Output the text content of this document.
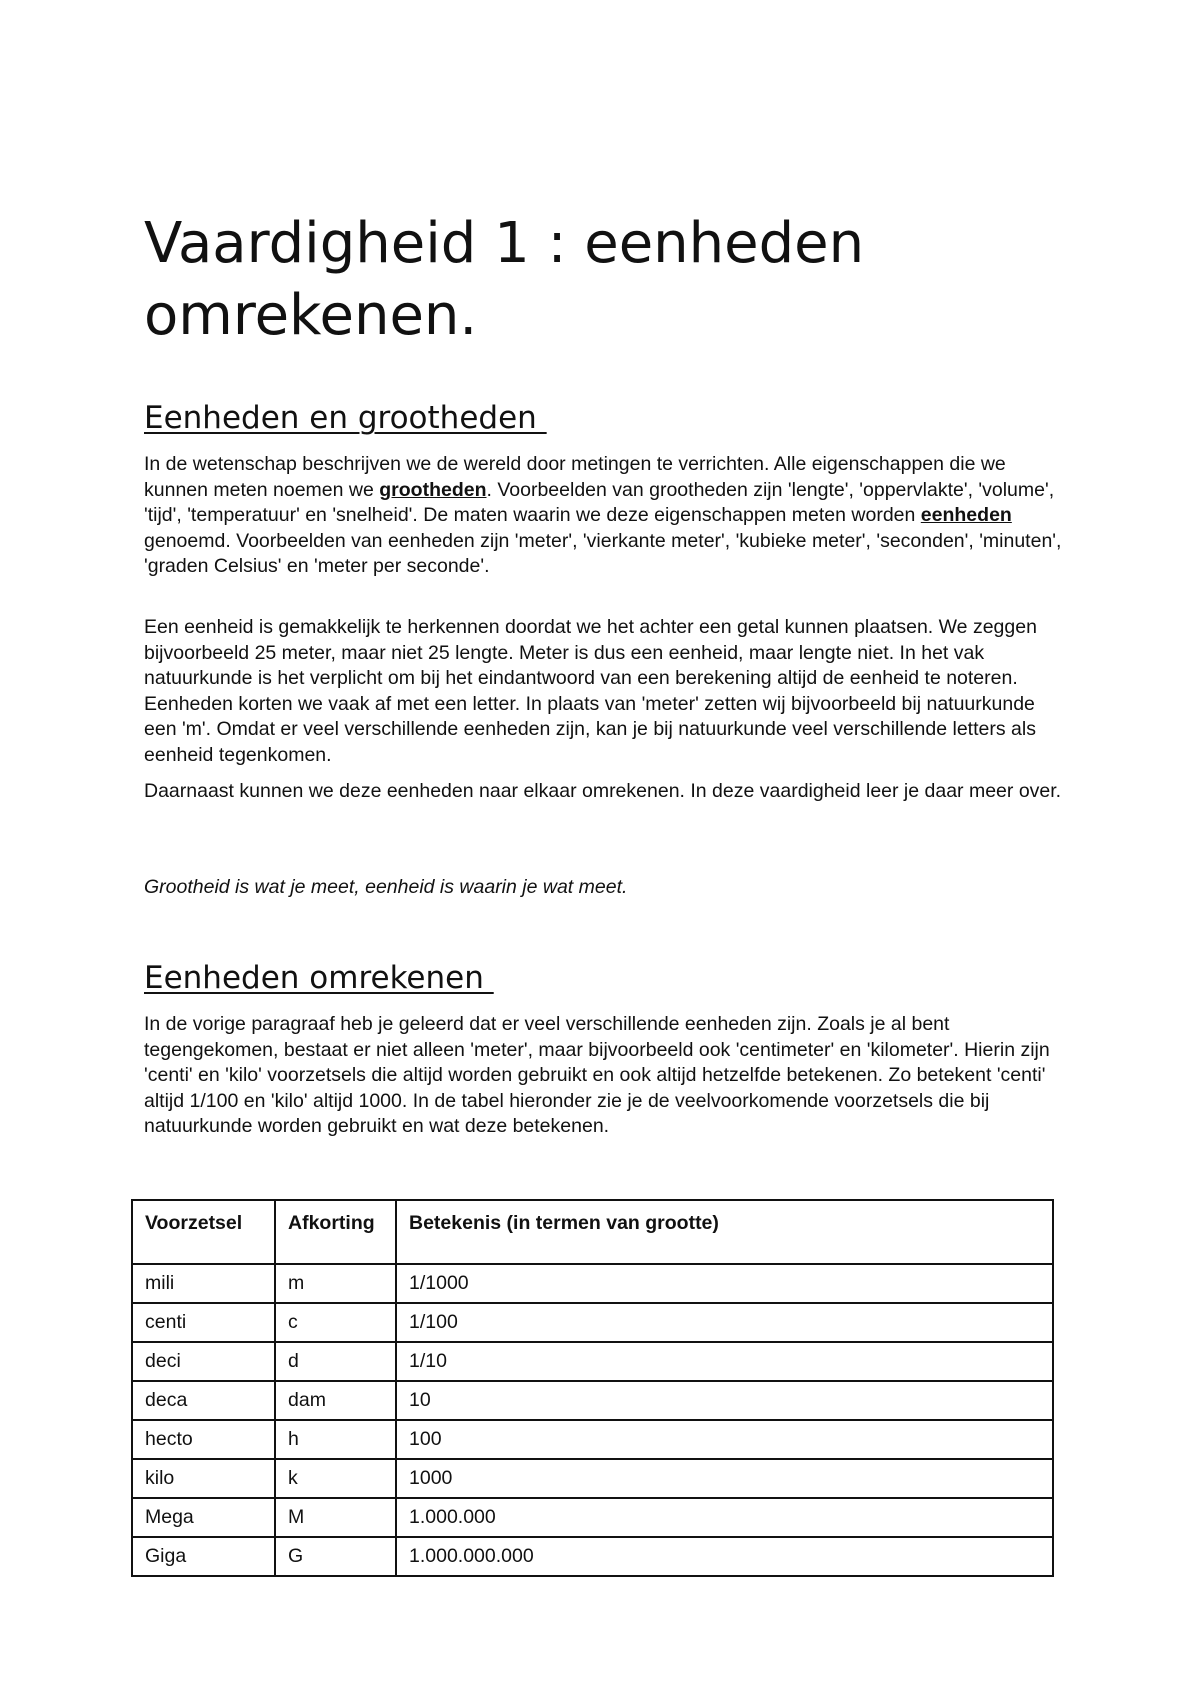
Vaardigheid 1 : eenheden omrekenen.
Eenheden en grootheden

In de wetenschap beschrijven we de wereld door metingen te verrichten. Alle eigenschappen die we kunnen meten noemen we grootheden. Voorbeelden van grootheden zijn 'lengte', 'oppervlakte', 'volume', 'tijd', 'temperatuur' en 'snelheid'. De maten waarin we deze eigenschappen meten worden eenheden genoemd. Voorbeelden van eenheden zijn 'meter', 'vierkante meter', 'kubieke meter', 'seconden', 'minuten', 'graden Celsius' en 'meter per seconde'.

Een eenheid is gemakkelijk te herkennen doordat we het achter een getal kunnen plaatsen. We zeggen bijvoorbeeld 25 meter, maar niet 25 lengte. Meter is dus een eenheid, maar lengte niet. In het vak natuurkunde is het verplicht om bij het eindantwoord van een berekening altijd de eenheid te noteren. Eenheden korten we vaak af met een letter. In plaats van 'meter' zetten wij bijvoorbeeld bij natuurkunde een 'm'. Omdat er veel verschillende eenheden zijn, kan je bij natuurkunde veel verschillende letters als eenheid tegenkomen.

Daarnaast kunnen we deze eenheden naar elkaar omrekenen. In deze vaardigheid leer je daar meer over.

Grootheid is wat je meet, eenheid is waarin je wat meet.

Eenheden omrekenen

In de vorige paragraaf heb je geleerd dat er veel verschillende eenheden zijn. Zoals je al bent tegengekomen, bestaat er niet alleen 'meter', maar bijvoorbeeld ook 'centimeter' en 'kilometer'. Hierin zijn 'centi' en 'kilo' voorzetsels die altijd worden gebruikt en ook altijd hetzelfde betekenen. Zo betekent 'centi' altijd 1/100 en 'kilo' altijd 1000. In de tabel hieronder zie je de veelvoorkomende voorzetsels die bij natuurkunde worden gebruikt en wat deze betekenen.

Voorzetsel	Afkorting	Betekenis (in termen van grootte)
mili	m	1/1000
centi	c	1/100
deci	d	1/10
deca	dam	10
hecto	h	100
kilo	k	1000
Mega	M	1.000.000
Giga	G	1.000.000.000
